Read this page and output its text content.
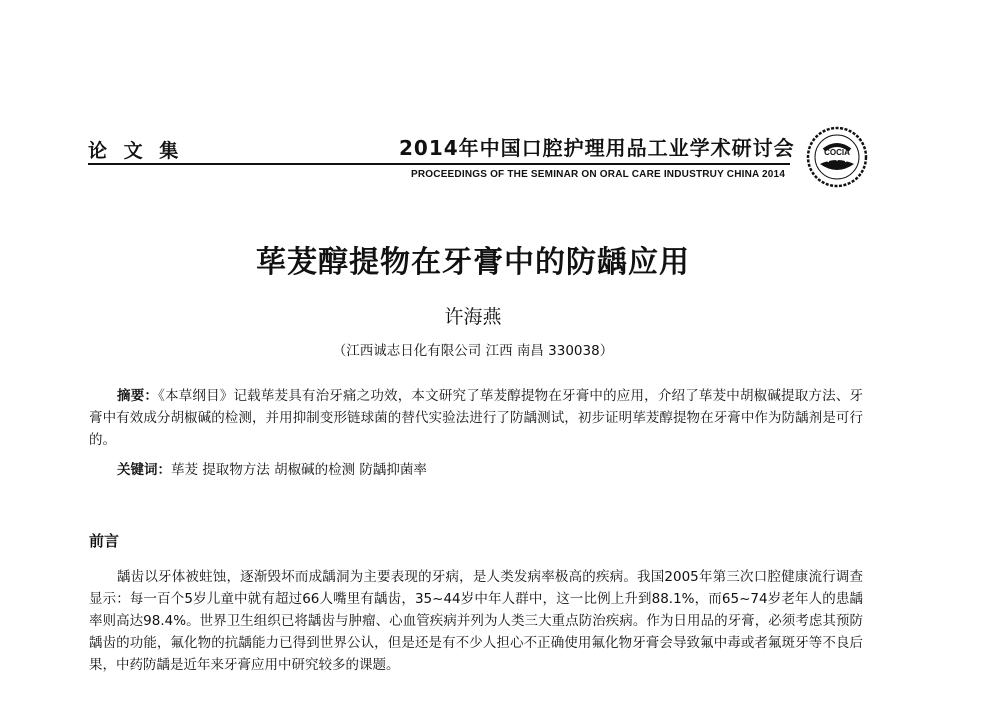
论 文 集	2014年中国口腔护理用品工业学术研讨会
PROCEEDINGS OF THE SEMINAR ON ORAL CARE INDUSTRUY CHINA 2014
COCIA
荜茇醇提物在牙膏中的防龋应用
许海燕
（江西诚志日化有限公司 江西 南昌 330038）
摘要：《本草纲目》记载荜茇具有治牙痛之功效，本文研究了荜茇醇提物在牙膏中的应用，介绍了荜茇中胡椒碱提取方法、牙膏中有效成分胡椒碱的检测，并用抑制变形链球菌的替代实验法进行了防龋测试，初步证明荜茇醇提物在牙膏中作为防龋剂是可行的。
关键词：荜茇 提取物方法 胡椒碱的检测 防龋抑菌率
前言
龋齿以牙体被蛀蚀，逐渐毁坏而成龋洞为主要表现的牙病，是人类发病率极高的疾病。我国2005年第三次口腔健康流行调查显示：每一百个5岁儿童中就有超过66人嘴里有龋齿，35~44岁中年人群中，这一比例上升到88.1%，而65~74岁老年人的患龋率则高达98.4%。世界卫生组织已将龋齿与肿瘤、心血管疾病并列为人类三大重点防治疾病。作为日用品的牙膏，必须考虑其预防龋齿的功能，氟化物的抗龋能力已得到世界公认，但是还是有不少人担心不正确使用氟化物牙膏会导致氟中毒或者氟斑牙等不良后果，中药防龋是近年来牙膏应用中研究较多的课题。
